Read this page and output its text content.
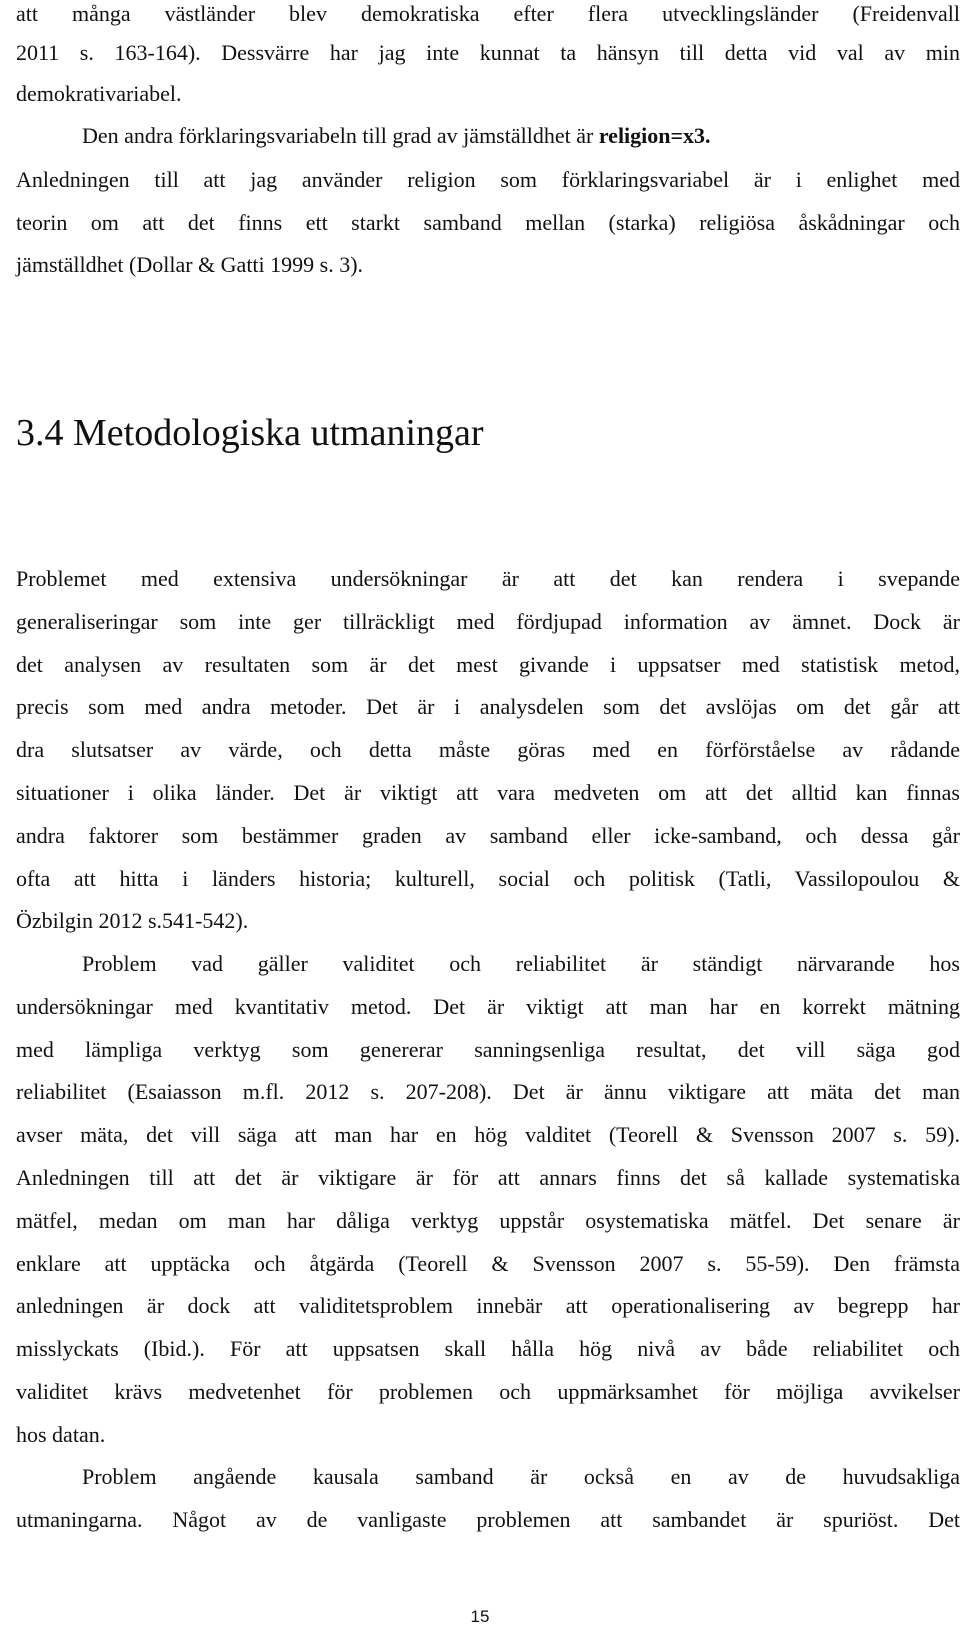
att många västländer blev demokratiska efter flera utvecklingsländer (Freidenvall
2011 s. 163-164). Dessvärre har jag inte kunnat ta hänsyn till detta vid val av min
demokrativariabel.
Den andra förklaringsvariabeln till grad av jämställdhet är religion=x3.
Anledningen till att jag använder religion som förklaringsvariabel är i enlighet med
teorin om att det finns ett starkt samband mellan (starka) religiösa åskådningar och
jämställdhet (Dollar & Gatti 1999 s. 3).
3.4 Metodologiska utmaningar
Problemet med extensiva undersökningar är att det kan rendera i svepande
generaliseringar som inte ger tillräckligt med fördjupad information av ämnet. Dock är
det analysen av resultaten som är det mest givande i uppsatser med statistisk metod,
precis som med andra metoder. Det är i analysdelen som det avslöjas om det går att
dra slutsatser av värde, och detta måste göras med en förförståelse av rådande
situationer i olika länder. Det är viktigt att vara medveten om att det alltid kan finnas
andra faktorer som bestämmer graden av samband eller icke-samband, och dessa går
ofta att hitta i länders historia; kulturell, social och politisk (Tatli, Vassilopoulou &
Özbilgin 2012 s.541-542).
Problem vad gäller validitet och reliabilitet är ständigt närvarande hos
undersökningar med kvantitativ metod. Det är viktigt att man har en korrekt mätning
med lämpliga verktyg som genererar sanningsenliga resultat, det vill säga god
reliabilitet (Esaiasson m.fl. 2012 s. 207-208). Det är ännu viktigare att mäta det man
avser mäta, det vill säga att man har en hög valditet (Teorell & Svensson 2007 s. 59).
Anledningen till att det är viktigare är för att annars finns det så kallade systematiska
mätfel, medan om man har dåliga verktyg uppstår osystematiska mätfel. Det senare är
enklare att upptäcka och åtgärda (Teorell & Svensson 2007 s. 55-59). Den främsta
anledningen är dock att validitetsproblem innebär att operationalisering av begrepp har
misslyckats (Ibid.). För att uppsatsen skall hålla hög nivå av både reliabilitet och
validitet krävs medvetenhet för problemen och uppmärksamhet för möjliga avvikelser
hos datan.
Problem angående kausala samband är också en av de huvudsakliga
utmaningarna. Något av de vanligaste problemen att sambandet är spuriöst. Det
15
